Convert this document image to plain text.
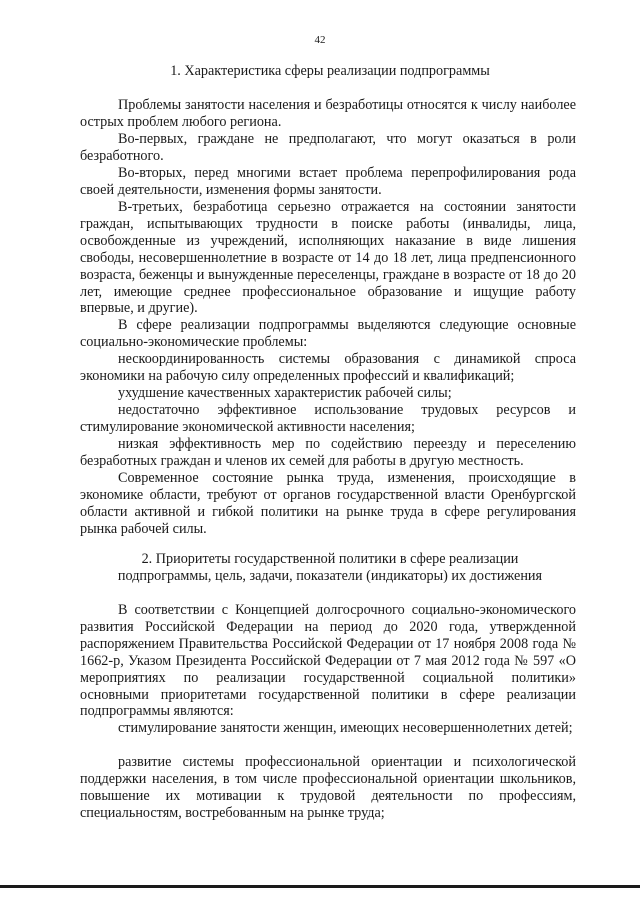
42
1. Характеристика сферы реализации подпрограммы

Проблемы занятости населения и безработицы относятся к числу наиболее острых проблем любого региона.

Во-первых, граждане не предполагают, что могут оказаться в роли безработного.

Во-вторых, перед многими встает проблема перепрофилирования рода своей деятельности, изменения формы занятости.

В-третьих, безработица серьезно отражается на состоянии занятости граждан, испытывающих трудности в поиске работы (инвалиды, лица, освобожденные из учреждений, исполняющих наказание в виде лишения свободы, несовершеннолетние в возрасте от 14 до 18 лет, лица предпенсионного возраста, беженцы и вынужденные переселенцы, граждане в возрасте от 18 до 20 лет, имеющие среднее профессиональное образование и ищущие работу впервые, и другие).

В сфере реализации подпрограммы выделяются следующие основные социально-экономические проблемы:

нескоординированность системы образования с динамикой спроса экономики на рабочую силу определенных профессий и квалификаций;

ухудшение качественных характеристик рабочей силы;

недостаточно эффективное использование трудовых ресурсов и стимулирование экономической активности населения;

низкая эффективность мер по содействию переезду и переселению безработных граждан и членов их семей для работы в другую местность.

Современное состояние рынка труда, изменения, происходящие в экономике области, требуют от органов государственной власти Оренбургской области активной и гибкой политики на рынке труда в сфере регулирования рынка рабочей силы.

2. Приоритеты государственной политики в сфере реализации
подпрограммы, цель, задачи, показатели (индикаторы) их достижения

В соответствии с Концепцией долгосрочного социально-экономического развития Российской Федерации на период до 2020 года, утвержденной распоряжением Правительства Российской Федерации от 17 ноября 2008 года № 1662-р, Указом Президента Российской Федерации от 7 мая 2012 года № 597 «О мероприятиях по реализации государственной социальной политики» основными приоритетами государственной политики в сфере реализации подпрограммы являются:

стимулирование занятости женщин, имеющих несовершеннолетних детей;

развитие системы профессиональной ориентации и психологической поддержки населения, в том числе профессиональной ориентации школьников, повышение их мотивации к трудовой деятельности по профессиям, специальностям, востребованным на рынке труда;
